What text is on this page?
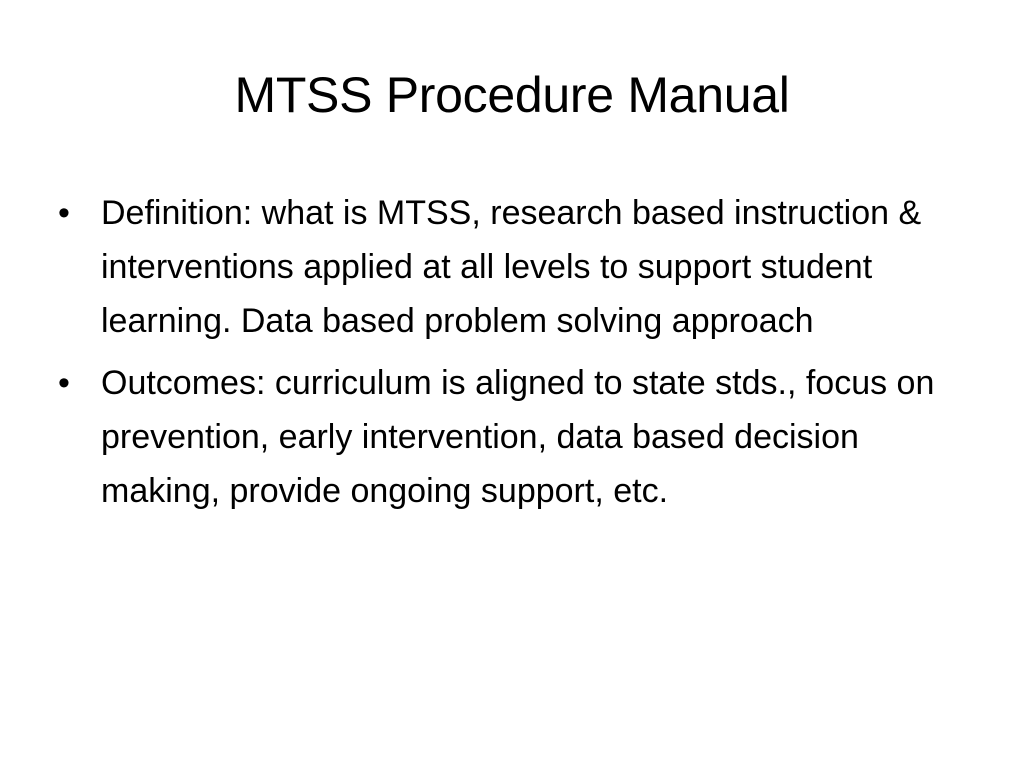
MTSS Procedure Manual
• Definition: what is MTSS, research based instruction & interventions applied at all levels to support student learning. Data based problem solving approach
• Outcomes: curriculum is aligned to state stds., focus on prevention, early intervention, data based decision making, provide ongoing support, etc.
